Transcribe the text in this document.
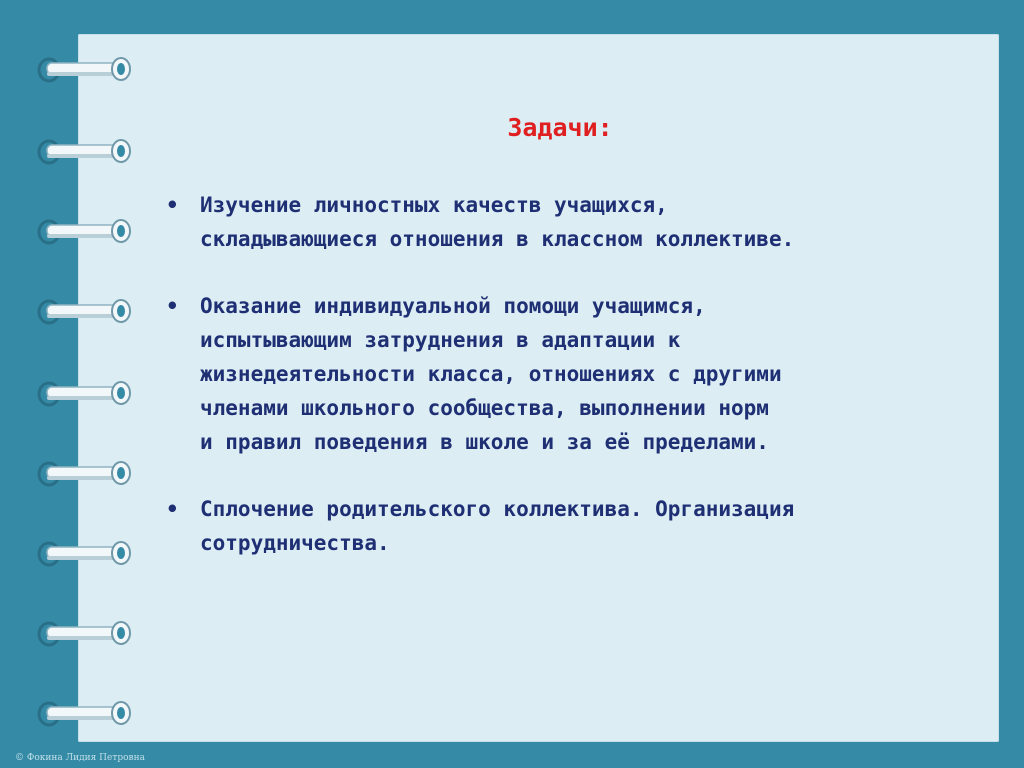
Задачи:
• Изучение личностных качеств учащихся,
складывающиеся отношения в классном коллективе.
• Оказание индивидуальной помощи учащимся,
испытывающим затруднения в адаптации к
жизнедеятельности класса, отношениях с другими
членами школьного сообщества, выполнении норм
и правил поведения в школе и за её пределами.
• Сплочение родительского коллектива. Организация
сотрудничества.
© Фокина Лидия Петровна
